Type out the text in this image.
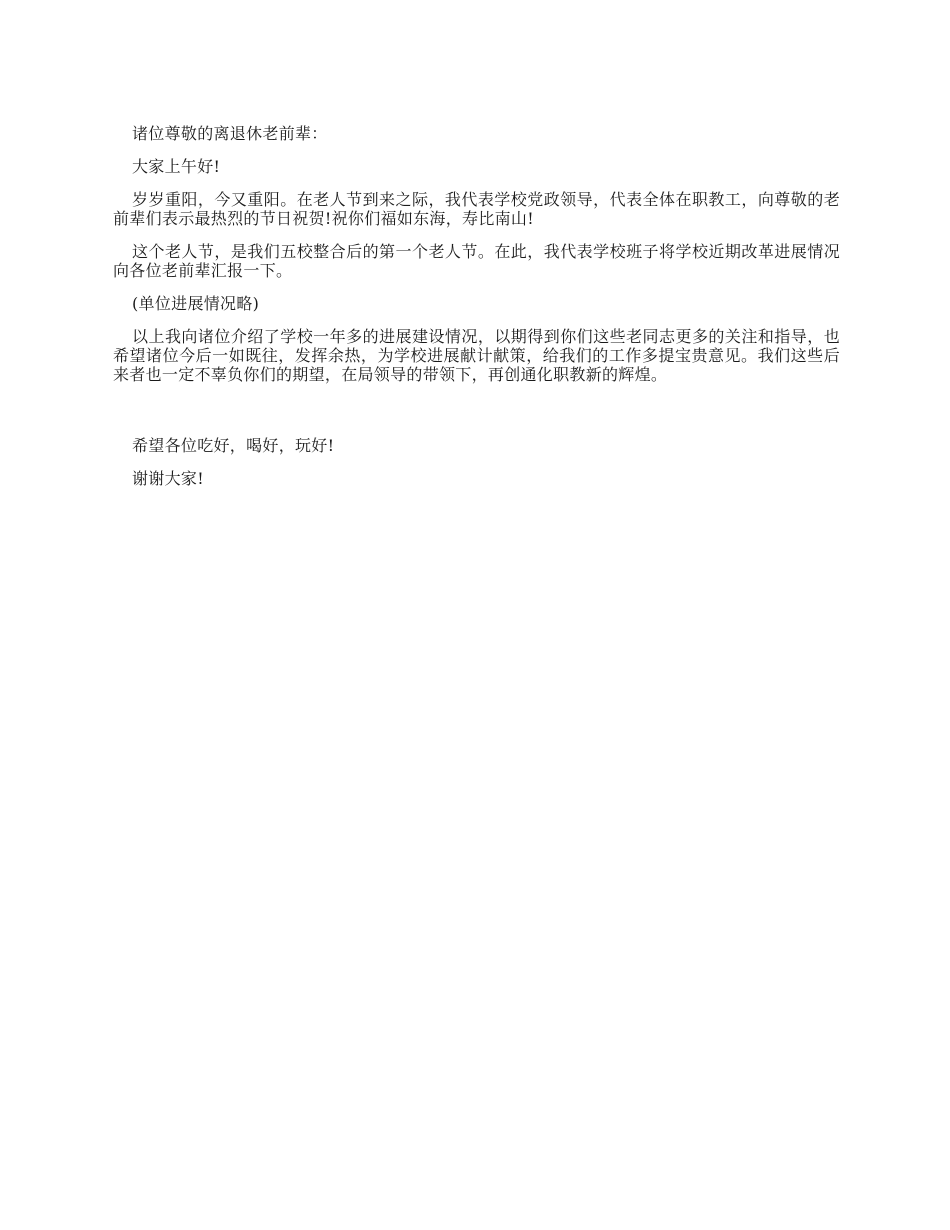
诸位尊敬的离退休老前辈：

大家上午好!

岁岁重阳，今又重阳。在老人节到来之际，我代表学校党政领导，代表全体在职教工，向尊敬的老前辈们表示最热烈的节日祝贺!祝你们福如东海，寿比南山!

这个老人节，是我们五校整合后的第一个老人节。在此，我代表学校班子将学校近期改革进展情况向各位老前辈汇报一下。

(单位进展情况略)

以上我向诸位介绍了学校一年多的进展建设情况，以期得到你们这些老同志更多的关注和指导，也希望诸位今后一如既往，发挥余热，为学校进展献计献策，给我们的工作多提宝贵意见。我们这些后来者也一定不辜负你们的期望，在局领导的带领下，再创通化职教新的辉煌。

希望各位吃好，喝好，玩好!

谢谢大家!
